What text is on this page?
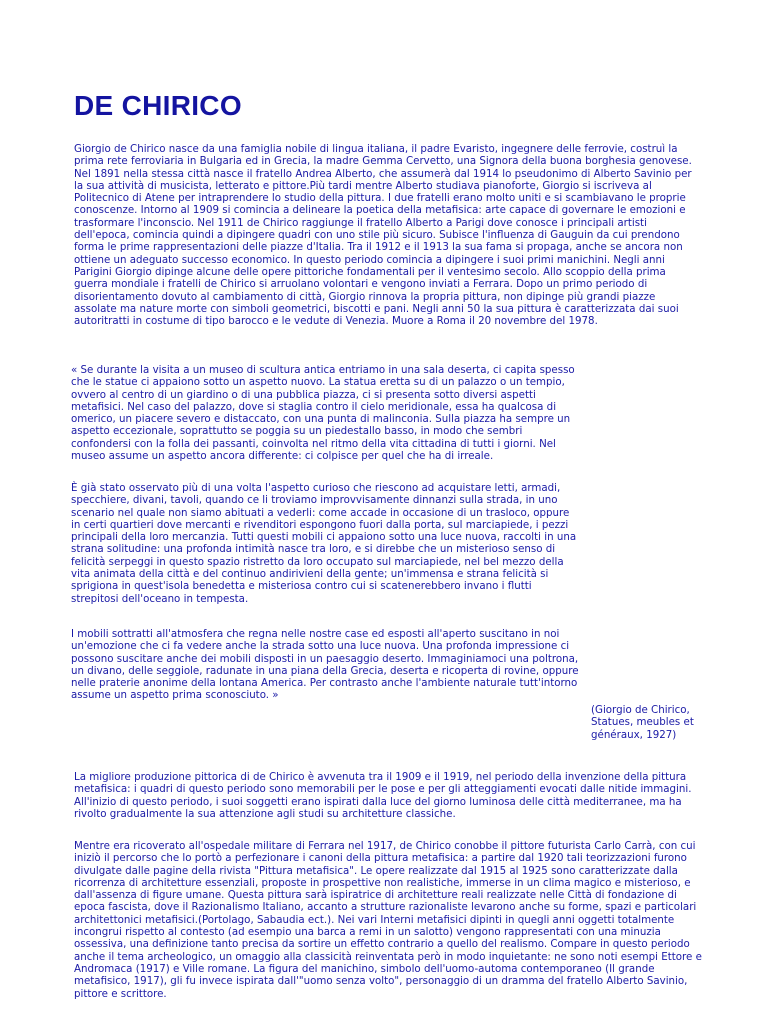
DE CHIRICO

Giorgio de Chirico nasce da una famiglia nobile di lingua italiana, il padre Evaristo, ingegnere delle ferrovie, costruì la prima rete ferroviaria in Bulgaria ed in Grecia, la madre Gemma Cervetto, una Signora della buona borghesia genovese. Nel 1891 nella stessa città nasce il fratello Andrea Alberto, che assumerà dal 1914 lo pseudonimo di Alberto Savinio per la sua attività di musicista, letterato e pittore.Più tardi mentre Alberto studiava pianoforte, Giorgio si iscriveva al Politecnico di Atene per intraprendere lo studio della pittura. I due fratelli erano molto uniti e si scambiavano le proprie conoscenze. Intorno al 1909 si comincia a delineare la poetica della metafisica: arte capace di governare le emozioni e trasformare l'inconscio. Nel 1911 de Chirico raggiunge il fratello Alberto a Parigi dove conosce i principali artisti dell'epoca, comincia quindi a dipingere quadri con uno stile più sicuro. Subisce l'influenza di Gauguin da cui prendono forma le prime rappresentazioni delle piazze d'Italia. Tra il 1912 e il 1913 la sua fama si propaga, anche se ancora non ottiene un adeguato successo economico. In questo periodo comincia a dipingere i suoi primi manichini. Negli anni Parigini Giorgio dipinge alcune delle opere pittoriche fondamentali per il ventesimo secolo. Allo scoppio della prima guerra mondiale i fratelli de Chirico si arruolano volontari e vengono inviati a Ferrara. Dopo un primo periodo di disorientamento dovuto al cambiamento di città, Giorgio rinnova la propria pittura, non dipinge più grandi piazze assolate ma nature morte con simboli geometrici, biscotti e pani. Negli anni 50 la sua pittura è caratterizzata dai suoi autoritratti in costume di tipo barocco e le vedute di Venezia. Muore a Roma il 20 novembre del 1978.

« Se durante la visita a un museo di scultura antica entriamo in una sala deserta, ci capita spesso che le statue ci appaiono sotto un aspetto nuovo. La statua eretta su di un palazzo o un tempio, ovvero al centro di un giardino o di una pubblica piazza, ci si presenta sotto diversi aspetti metafisici. Nel caso del palazzo, dove si staglia contro il cielo meridionale, essa ha qualcosa di omerico, un piacere severo e distaccato, con una punta di malinconia. Sulla piazza ha sempre un aspetto eccezionale, soprattutto se poggia su un piedestallo basso, in modo che sembri confondersi con la folla dei passanti, coinvolta nel ritmo della vita cittadina di tutti i giorni. Nel museo assume un aspetto ancora differente: ci colpisce per quel che ha di irreale.

È già stato osservato più di una volta l'aspetto curioso che riescono ad acquistare letti, armadi, specchiere, divani, tavoli, quando ce li troviamo improvvisamente dinnanzi sulla strada, in uno scenario nel quale non siamo abituati a vederli: come accade in occasione di un trasloco, oppure in certi quartieri dove mercanti e rivenditori espongono fuori dalla porta, sul marciapiede, i pezzi principali della loro mercanzia. Tutti questi mobili ci appaiono sotto una luce nuova, raccolti in una strana solitudine: una profonda intimità nasce tra loro, e si direbbe che un misterioso senso di felicità serpeggi in questo spazio ristretto da loro occupato sul marciapiede, nel bel mezzo della vita animata della città e del continuo andirivieni della gente; un'immensa e strana felicità si sprigiona in quest'isola benedetta e misteriosa contro cui si scatenerebbero invano i flutti strepitosi dell'oceano in tempesta.

I mobili sottratti all'atmosfera che regna nelle nostre case ed esposti all'aperto suscitano in noi un'emozione che ci fa vedere anche la strada sotto una luce nuova. Una profonda impressione ci possono suscitare anche dei mobili disposti in un paesaggio deserto. Immaginiamoci una poltrona, un divano, delle seggiole, radunate in una piana della Grecia, deserta e ricoperta di rovine, oppure nelle praterie anonime della lontana America. Per contrasto anche l'ambiente naturale tutt'intorno assume un aspetto prima sconosciuto. »

(Giorgio de Chirico, Statues, meubles et généraux, 1927)

La migliore produzione pittorica di de Chirico è avvenuta tra il 1909 e il 1919, nel periodo della invenzione della pittura metafisica: i quadri di questo periodo sono memorabili per le pose e per gli atteggiamenti evocati dalle nitide immagini. All'inizio di questo periodo, i suoi soggetti erano ispirati dalla luce del giorno luminosa delle città mediterranee, ma ha rivolto gradualmente la sua attenzione agli studi su architetture classiche.

Mentre era ricoverato all'ospedale militare di Ferrara nel 1917, de Chirico conobbe il pittore futurista Carlo Carrà, con cui iniziò il percorso che lo portò a perfezionare i canoni della pittura metafisica: a partire dal 1920 tali teorizzazioni furono divulgate dalle pagine della rivista "Pittura metafisica". Le opere realizzate dal 1915 al 1925 sono caratterizzate dalla ricorrenza di architetture essenziali, proposte in prospettive non realistiche, immerse in un clima magico e misterioso, e dall'assenza di figure umane. Questa pittura sarà ispiratrice di architetture reali realizzate nelle Città di fondazione di epoca fascista, dove il Razionalismo Italiano, accanto a strutture razionaliste levarono anche su forme, spazi e particolari architettonici metafisici.(Portolago, Sabaudia ect.). Nei vari Interni metafisici dipinti in quegli anni oggetti totalmente incongrui rispetto al contesto (ad esempio una barca a remi in un salotto) vengono rappresentati con una minuzia ossessiva, una definizione tanto precisa da sortire un effetto contrario a quello del realismo. Compare in questo periodo anche il tema archeologico, un omaggio alla classicità reinventata però in modo inquietante: ne sono noti esempi Ettore e Andromaca (1917) e Ville romane. La figura del manichino, simbolo dell'uomo-automa contemporaneo (Il grande metafisico, 1917), gli fu invece ispirata dall'"uomo senza volto", personaggio di un dramma del fratello Alberto Savinio, pittore e scrittore.
